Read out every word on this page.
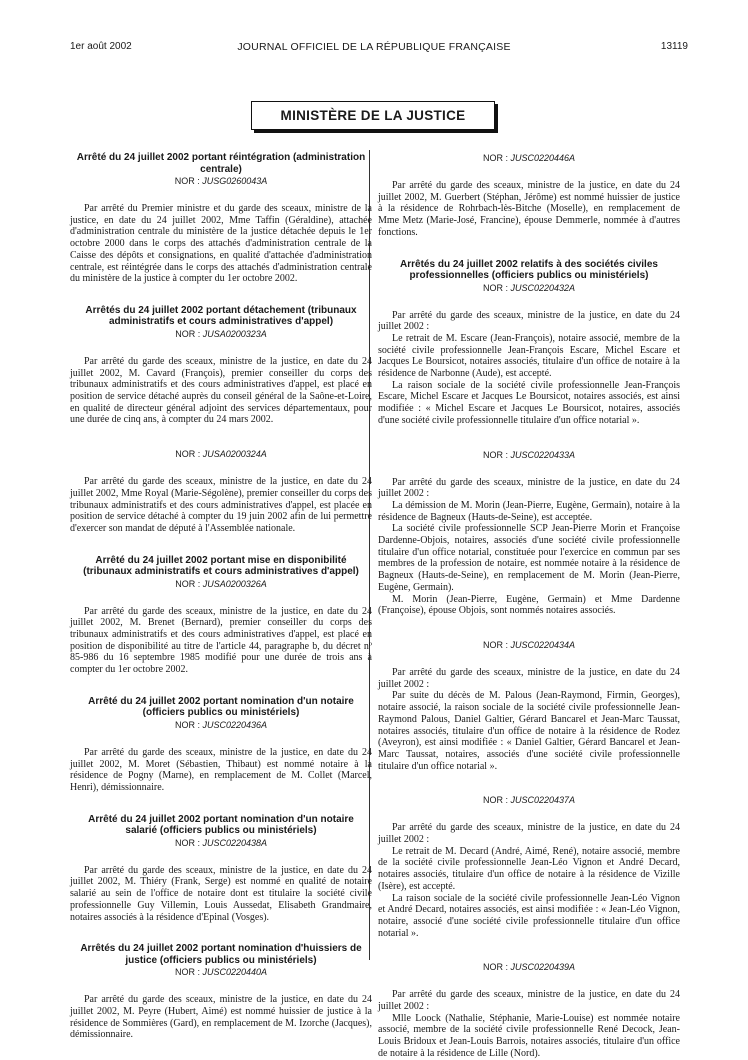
1er août 2002	JOURNAL OFFICIEL DE LA RÉPUBLIQUE FRANÇAISE	13119
MINISTÈRE DE LA JUSTICE
Arrêté du 24 juillet 2002 portant réintégration (administration centrale)
NOR : JUSG0260043A

Par arrêté du Premier ministre et du garde des sceaux, ministre de la justice, en date du 24 juillet 2002, Mme Taffin (Géraldine), attachée d'administration centrale du ministère de la justice détachée depuis le 1er octobre 2000 dans le corps des attachés d'administration centrale de la Caisse des dépôts et consignations, en qualité d'attachée d'administration centrale, est réintégrée dans le corps des attachés d'administration centrale du ministère de la justice à compter du 1er octobre 2002.

Arrêtés du 24 juillet 2002 portant détachement (tribunaux administratifs et cours administratives d'appel)
NOR : JUSA0200323A

Par arrêté du garde des sceaux, ministre de la justice, en date du 24 juillet 2002, M. Cavard (François), premier conseiller du corps des tribunaux administratifs et des cours administratives d'appel, est placé en position de service détaché auprès du conseil général de la Saône-et-Loire, en qualité de directeur général adjoint des services départementaux, pour une durée de cinq ans, à compter du 24 mars 2002.

NOR : JUSA0200324A

Par arrêté du garde des sceaux, ministre de la justice, en date du 24 juillet 2002, Mme Royal (Marie-Ségolène), premier conseiller du corps des tribunaux administratifs et des cours administratives d'appel, est placée en position de service détaché à compter du 19 juin 2002 afin de lui permettre d'exercer son mandat de député à l'Assemblée nationale.

Arrêté du 24 juillet 2002 portant mise en disponibilité (tribunaux administratifs et cours administratives d'appel)
NOR : JUSA0200326A

Par arrêté du garde des sceaux, ministre de la justice, en date du 24 juillet 2002, M. Brenet (Bernard), premier conseiller du corps des tribunaux administratifs et des cours administratives d'appel, est placé en position de disponibilité au titre de l'article 44, paragraphe b, du décret nº 85-986 du 16 septembre 1985 modifié pour une durée de trois ans à compter du 1er octobre 2002.

Arrêté du 24 juillet 2002 portant nomination d'un notaire (officiers publics ou ministériels)
NOR : JUSC0220436A

Par arrêté du garde des sceaux, ministre de la justice, en date du 24 juillet 2002, M. Moret (Sébastien, Thibaut) est nommé notaire à la résidence de Pogny (Marne), en remplacement de M. Collet (Marcel, Henri), démissionnaire.

Arrêté du 24 juillet 2002 portant nomination d'un notaire salarié (officiers publics ou ministériels)
NOR : JUSC0220438A

Par arrêté du garde des sceaux, ministre de la justice, en date du 24 juillet 2002, M. Thiéry (Frank, Serge) est nommé en qualité de notaire salarié au sein de l'office de notaire dont est titulaire la société civile professionnelle Guy Villemin, Louis Aussedat, Elisabeth Grandmaire, notaires associés à la résidence d'Epinal (Vosges).

Arrêtés du 24 juillet 2002 portant nomination d'huissiers de justice (officiers publics ou ministériels)
NOR : JUSC0220440A

Par arrêté du garde des sceaux, ministre de la justice, en date du 24 juillet 2002, M. Peyre (Hubert, Aimé) est nommé huissier de justice à la résidence de Sommières (Gard), en remplacement de M. Izorche (Jacques), démissionnaire.

NOR : JUSC0220446A

Par arrêté du garde des sceaux, ministre de la justice, en date du 24 juillet 2002, M. Guerbert (Stéphan, Jérôme) est nommé huissier de justice à la résidence de Rohrbach-lès-Bitche (Moselle), en remplacement de Mme Metz (Marie-José, Francine), épouse Demmerle, nommée à d'autres fonctions.

Arrêtés du 24 juillet 2002 relatifs à des sociétés civiles professionnelles (officiers publics ou ministériels)
NOR : JUSC0220432A

Par arrêté du garde des sceaux, ministre de la justice, en date du 24 juillet 2002 :

Le retrait de M. Escare (Jean-François), notaire associé, membre de la société civile professionnelle Jean-François Escare, Michel Escare et Jacques Le Boursicot, notaires associés, titulaire d'un office de notaire à la résidence de Narbonne (Aude), est accepté.

La raison sociale de la société civile professionnelle Jean-François Escare, Michel Escare et Jacques Le Boursicot, notaires associés, est ainsi modifiée : « Michel Escare et Jacques Le Boursicot, notaires, associés d'une société civile professionnelle titulaire d'un office notarial ».

NOR : JUSC0220433A

Par arrêté du garde des sceaux, ministre de la justice, en date du 24 juillet 2002 :

La démission de M. Morin (Jean-Pierre, Eugène, Germain), notaire à la résidence de Bagneux (Hauts-de-Seine), est acceptée.

La société civile professionnelle SCP Jean-Pierre Morin et Françoise Dardenne-Objois, notaires, associés d'une société civile professionnelle titulaire d'un office notarial, constituée pour l'exercice en commun par ses membres de la profession de notaire, est nommée notaire à la résidence de Bagneux (Hauts-de-Seine), en remplacement de M. Morin (Jean-Pierre, Eugène, Germain).

M. Morin (Jean-Pierre, Eugène, Germain) et Mme Dardenne (Françoise), épouse Objois, sont nommés notaires associés.

NOR : JUSC0220434A

Par arrêté du garde des sceaux, ministre de la justice, en date du 24 juillet 2002 :

Par suite du décès de M. Palous (Jean-Raymond, Firmin, Georges), notaire associé, la raison sociale de la société civile professionnelle Jean-Raymond Palous, Daniel Galtier, Gérard Bancarel et Jean-Marc Taussat, notaires associés, titulaire d'un office de notaire à la résidence de Rodez (Aveyron), est ainsi modifiée : « Daniel Galtier, Gérard Bancarel et Jean-Marc Taussat, notaires, associés d'une société civile professionnelle titulaire d'un office notarial ».

NOR : JUSC0220437A

Par arrêté du garde des sceaux, ministre de la justice, en date du 24 juillet 2002 :

Le retrait de M. Decard (André, Aimé, René), notaire associé, membre de la société civile professionnelle Jean-Léo Vignon et André Decard, notaires associés, titulaire d'un office de notaire à la résidence de Vizille (Isère), est accepté.

La raison sociale de la société civile professionnelle Jean-Léo Vignon et André Decard, notaires associés, est ainsi modifiée : « Jean-Léo Vignon, notaire, associé d'une société civile professionnelle titulaire d'un office notarial ».

NOR : JUSC0220439A

Par arrêté du garde des sceaux, ministre de la justice, en date du 24 juillet 2002 :

Mlle Loock (Nathalie, Stéphanie, Marie-Louise) est nommée notaire associé, membre de la société civile professionnelle René Decock, Jean-Louis Bridoux et Jean-Louis Barrois, notaires associés, titulaire d'un office de notaire à la résidence de Lille (Nord).
